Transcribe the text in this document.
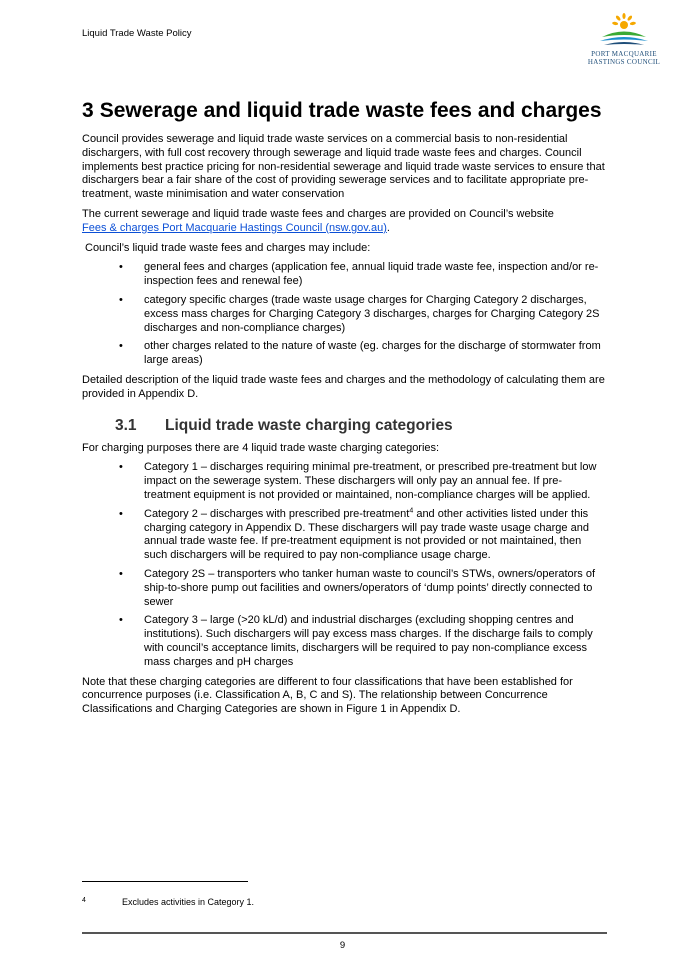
Liquid Trade Waste Policy
PORT MACQUARIE
HASTINGS COUNCIL
3 Sewerage and liquid trade waste fees and charges

Council provides sewerage and liquid trade waste services on a commercial basis to non-residential dischargers, with full cost recovery through sewerage and liquid trade waste fees and charges. Council implements best practice pricing for non-residential sewerage and liquid trade waste services to ensure that dischargers bear a fair share of the cost of providing sewerage services and to facilitate appropriate pre-treatment, waste minimisation and water conservation

The current sewerage and liquid trade waste fees and charges are provided on Council’s website
Fees & charges Port Macquarie Hastings Council (nsw.gov.au).

Council’s liquid trade waste fees and charges may include:

• general fees and charges (application fee, annual liquid trade waste fee, inspection and/or re-inspection fees and renewal fee)
• category specific charges (trade waste usage charges for Charging Category 2 discharges, excess mass charges for Charging Category 3 discharges, charges for Charging Category 2S discharges and non-compliance charges)
• other charges related to the nature of waste (eg. charges for the discharge of stormwater from large areas)

Detailed description of the liquid trade waste fees and charges and the methodology of calculating them are provided in Appendix D.

3.1 Liquid trade waste charging categories

For charging purposes there are 4 liquid trade waste charging categories:

• Category 1 – discharges requiring minimal pre-treatment, or prescribed pre-treatment but low impact on the sewerage system. These dischargers will only pay an annual fee. If pre-treatment equipment is not provided or maintained, non-compliance charges will be applied.
• Category 2 – discharges with prescribed pre-treatment$^4$ and other activities listed under this charging category in Appendix D. These dischargers will pay trade waste usage charge and annual trade waste fee. If pre-treatment equipment is not provided or not maintained, then such dischargers will be required to pay non-compliance usage charge.
• Category 2S – transporters who tanker human waste to council’s STWs, owners/operators of ship-to-shore pump out facilities and owners/operators of ‘dump points’ directly connected to sewer
• Category 3 – large (>20 kL/d) and industrial discharges (excluding shopping centres and institutions). Such dischargers will pay excess mass charges. If the discharge fails to comply with council’s acceptance limits, dischargers will be required to pay non-compliance excess mass charges and pH charges

Note that these charging categories are different to four classifications that have been established for concurrence purposes (i.e. Classification A, B, C and S). The relationship between Concurrence Classifications and Charging Categories are shown in Figure 1 in Appendix D.

4	Excludes activities in Category 1.
9
